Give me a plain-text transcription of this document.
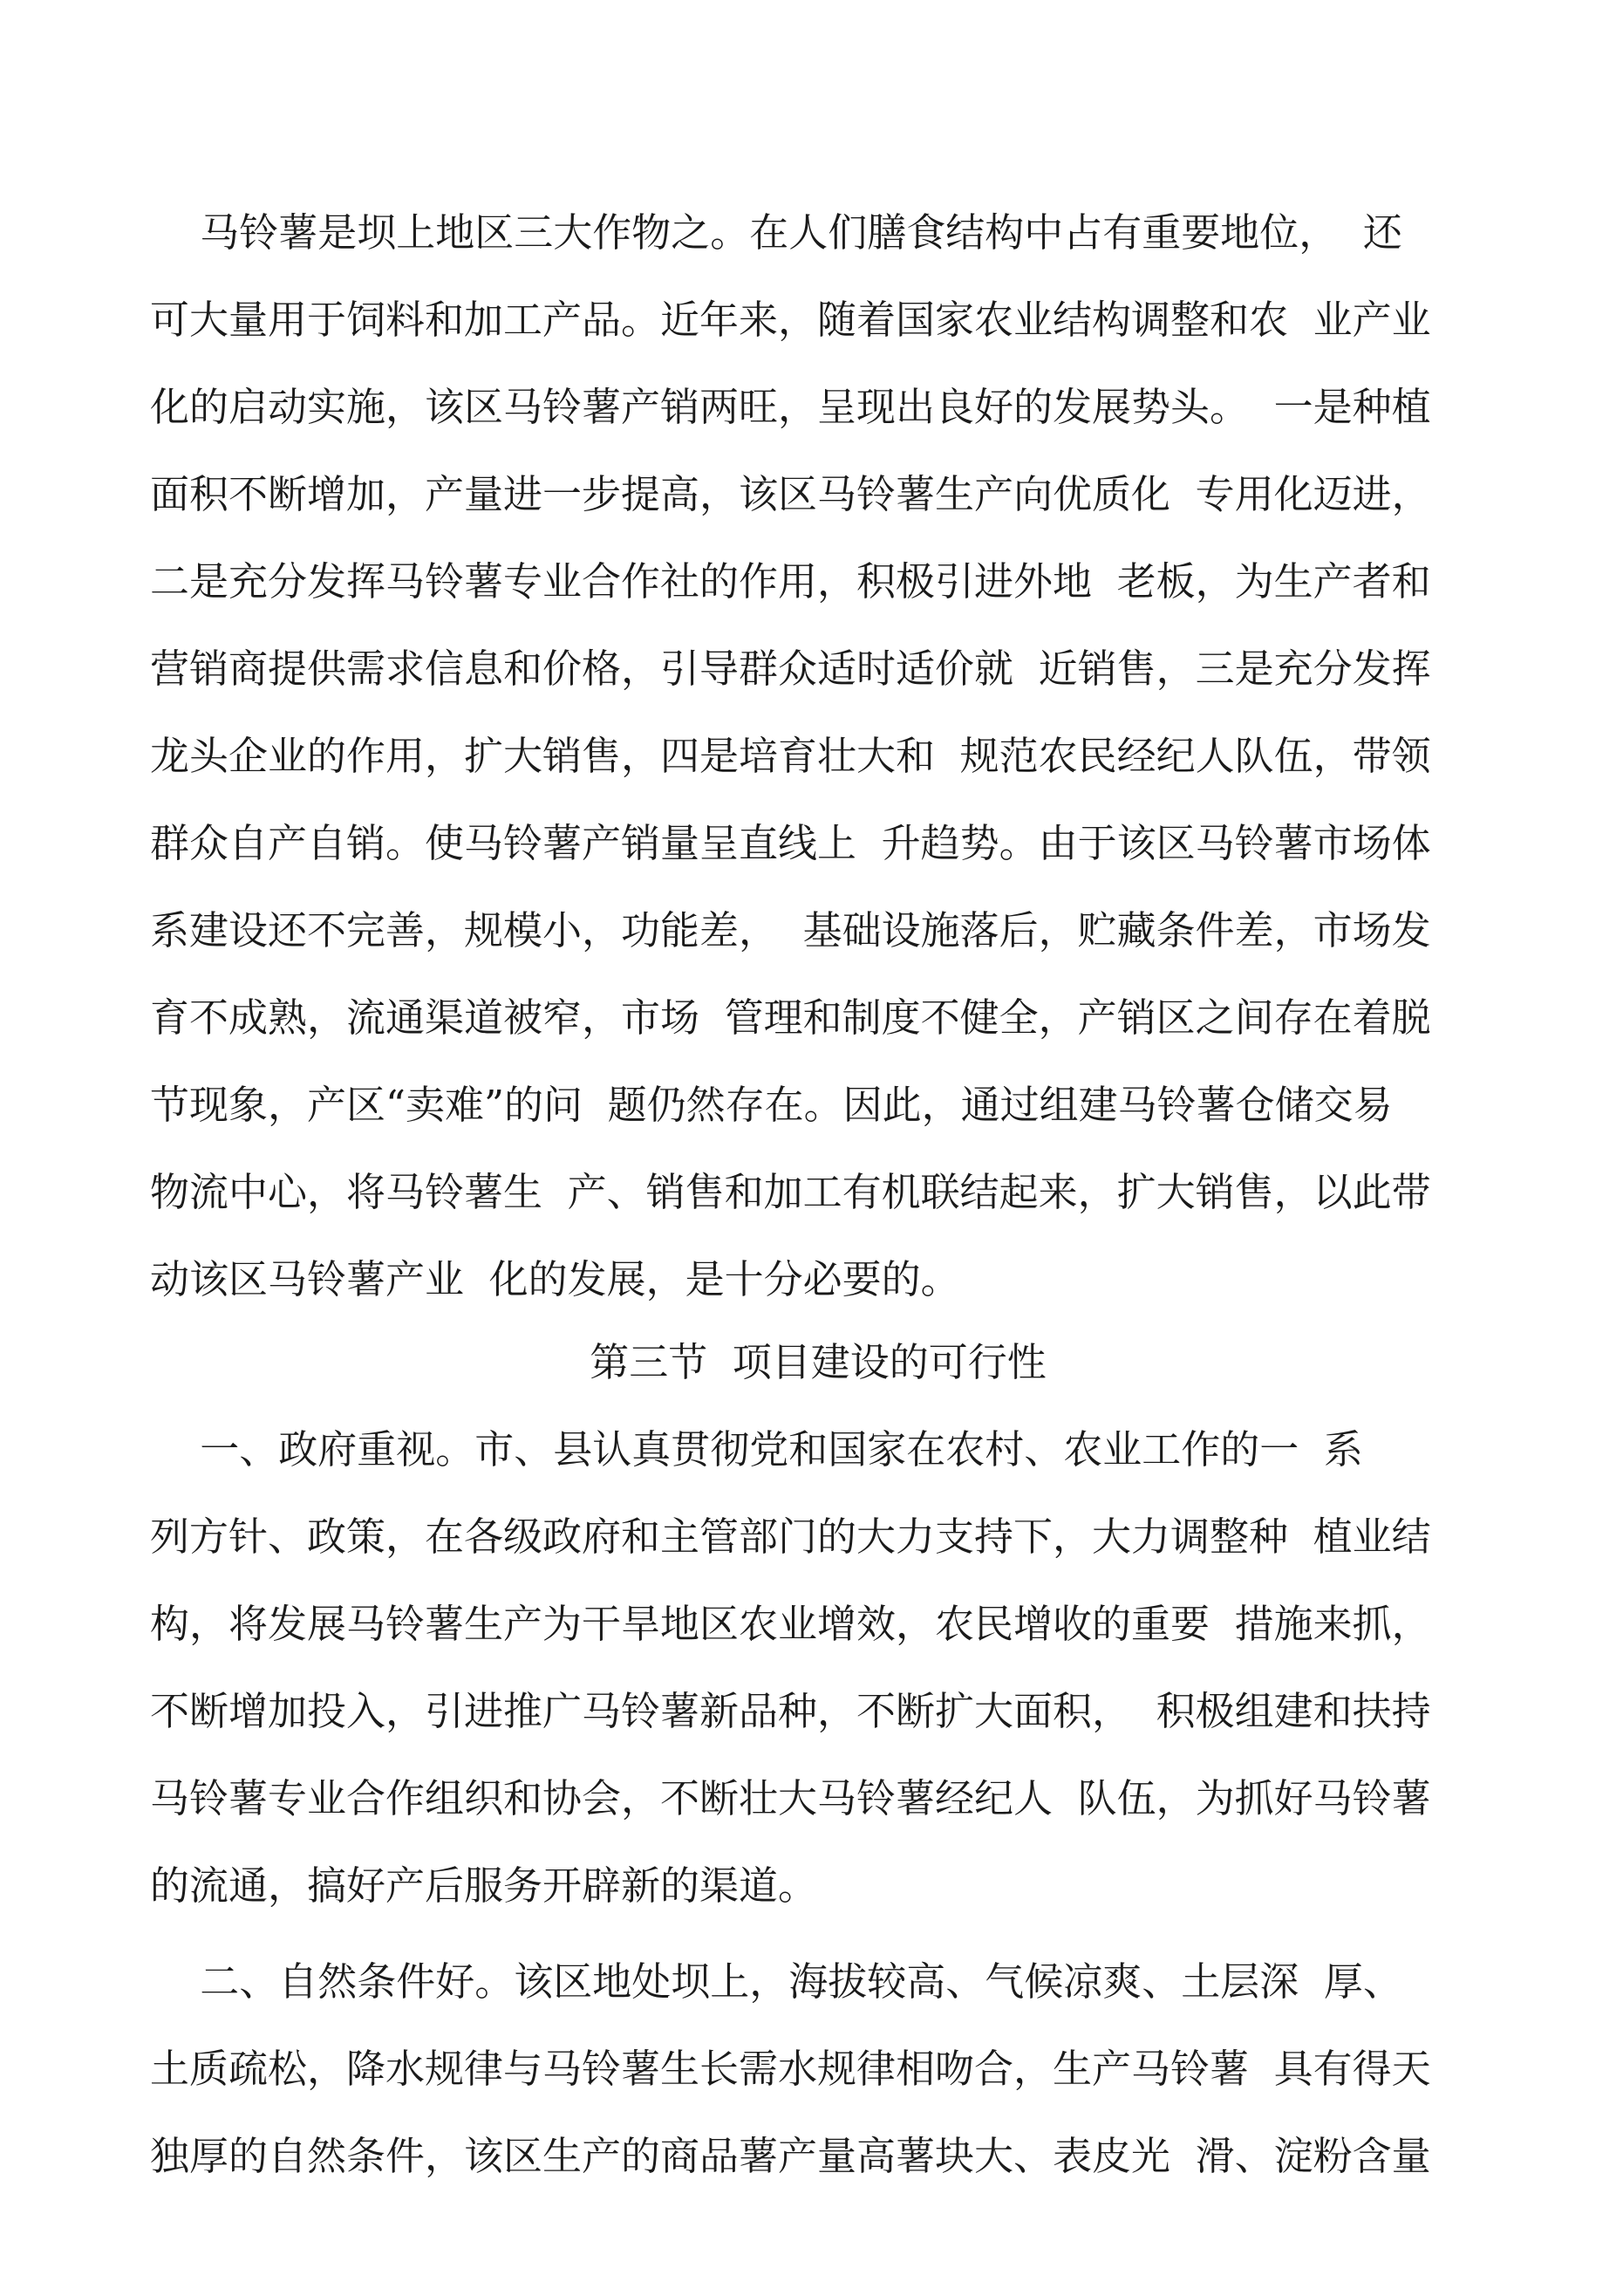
马铃薯是坝上地区三大作物之。在人们膳食结构中占有重要地位，  还
可大量用于饲料和加工产品。近年来，随着国家农业结构调整和农  业产业
化的启动实施，该区马铃薯产销两旺，呈现出良好的发展势头。  一是种植
面积不断增加，产量进一步提高，该区马铃薯生产向优质化  专用化迈进，
二是充分发挥马铃薯专业合作社的作用，积极引进外地  老板，为生产者和
营销商提供需求信息和价格，引导群众适时适价就  近销售，三是充分发挥
龙头企业的作用，扩大销售，四是培育壮大和  规范农民经纪人队伍，带领
群众自产自销。使马铃薯产销量呈直线上  升趋势。由于该区马铃薯市场体
系建设还不完善，规模小，功能差，  基础设施落后，贮藏条件差，市场发
育不成熟，流通渠道被窄，市场  管理和制度不健全，产销区之间存在着脱
节现象，产区“卖难”的问  题仍然存在。因此，通过组建马铃薯仓储交易
物流中心，将马铃薯生  产、销售和加工有机联结起来，扩大销售，以此带
动该区马铃薯产业  化的发展，是十分必要的。
第三节  项目建设的可行性
一、政府重视。市、县认真贯彻党和国家在农村、农业工作的一  系
列方针、政策，在各级政府和主管部门的大力支持下，大力调整种  植业结
构，将发展马铃薯生产为干旱地区农业增效，农民增收的重要  措施来抓，
不断增加投入，引进推广马铃薯新品种，不断扩大面积，  积极组建和扶持
马铃薯专业合作组织和协会，不断壮大马铃薯经纪人  队伍，为抓好马铃薯
的流通，搞好产后服务开辟新的渠道。
二、自然条件好。该区地处坝上，海拔较高、气候凉爽、土层深  厚、
土质疏松，降水规律与马铃薯生长需水规律相吻合，生产马铃薯  具有得天
独厚的自然条件，该区生产的商品薯产量高薯块大、表皮光  滑、淀粉含量
